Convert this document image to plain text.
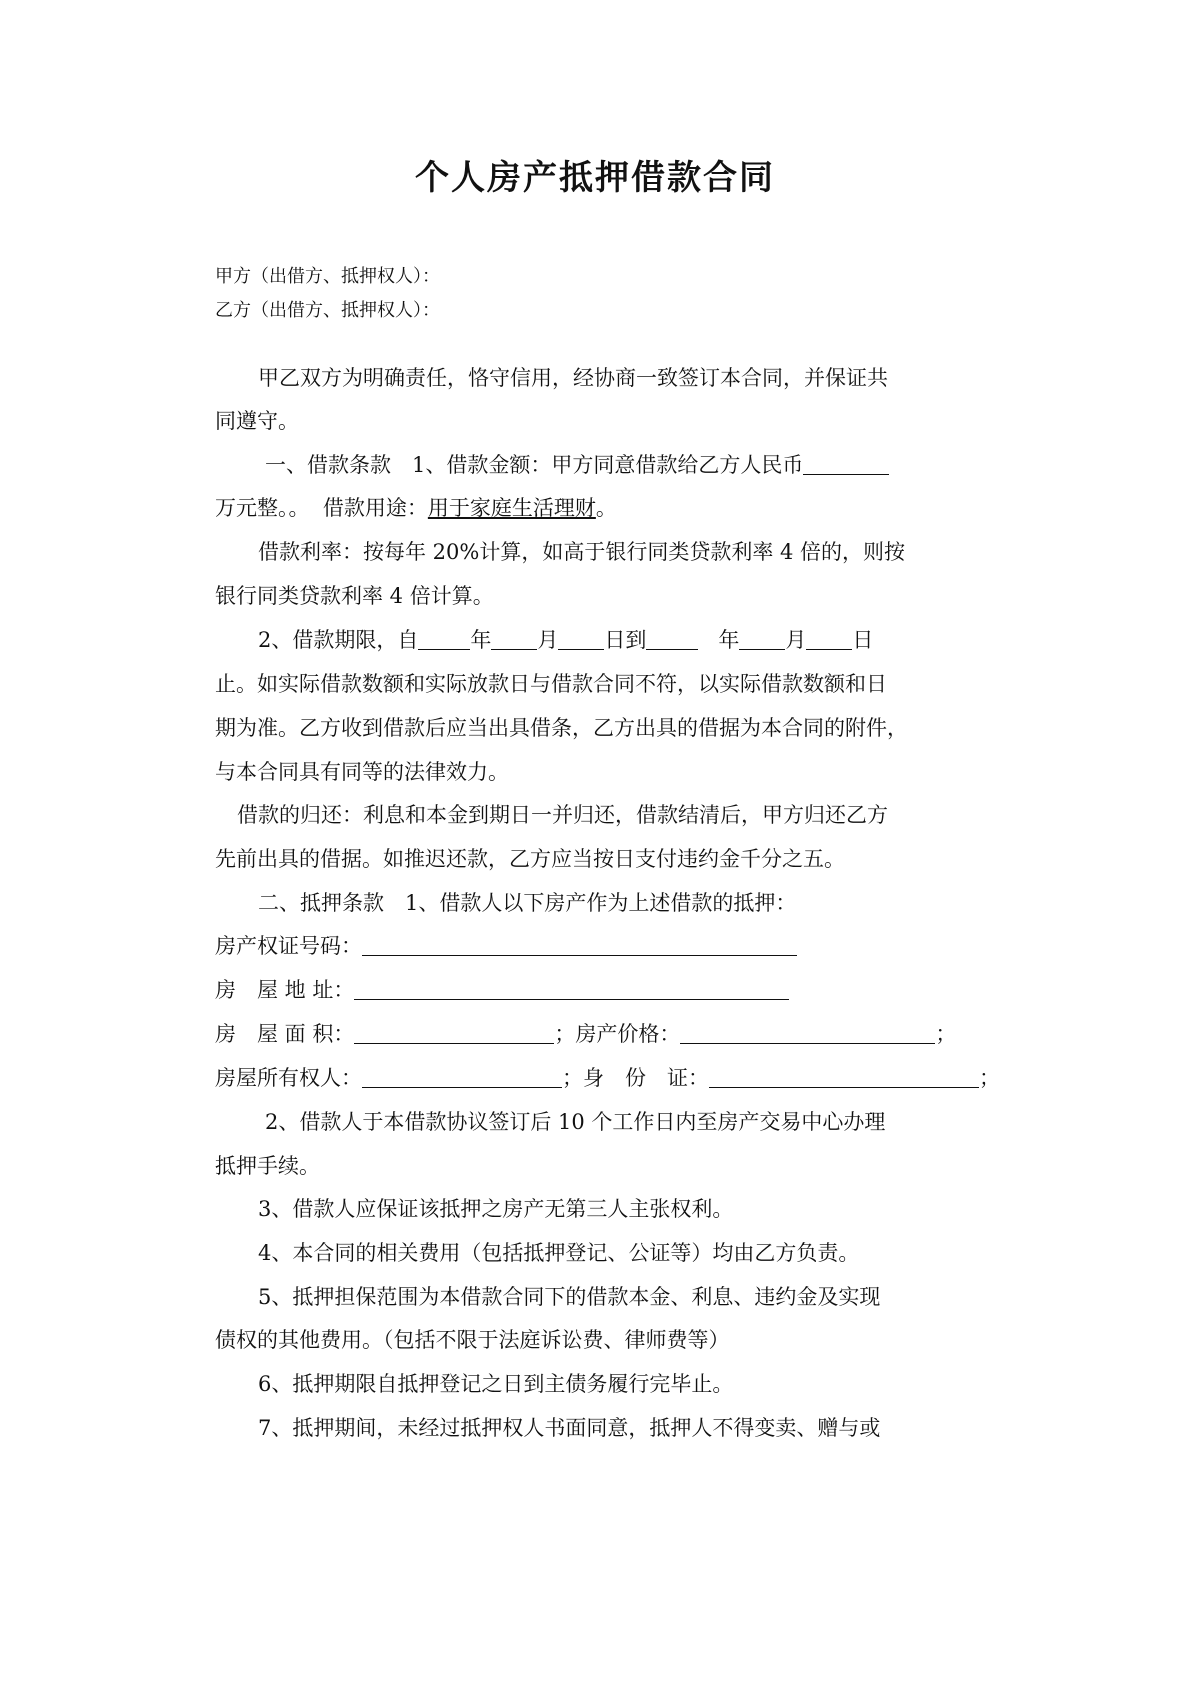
个人房产抵押借款合同
甲方（出借方、抵押权人）：
乙方（出借方、抵押权人）：
甲乙双方为明确责任，恪守信用，经协商一致签订本合同，并保证共
同遵守。
一、借款条款　1、借款金额：甲方同意借款给乙方人民币
万元整。。 借款用途：用于家庭生活理财。
借款利率：按每年 20%计算，如高于银行同类贷款利率 4 倍的，则按
银行同类贷款利率 4 倍计算。
2、借款期限，自 年 月 日到	年 月 日
止。如实际借款数额和实际放款日与借款合同不符，以实际借款数额和日
期为准。乙方收到借款后应当出具借条，乙方出具的借据为本合同的附件，
与本合同具有同等的法律效力。
借款的归还：利息和本金到期日一并归还，借款结清后，甲方归还乙方
先前出具的借据。如推迟还款，乙方应当按日支付违约金千分之五。
二、抵押条款　1、借款人以下房产作为上述借款的抵押：
房产权证号码：
房　屋 地 址：
房　屋 面 积：	；房产价格：	；
房屋所有权人：	；身　份　证：	；
2、借款人于本借款协议签订后 10 个工作日内至房产交易中心办理
抵押手续。
3、借款人应保证该抵押之房产无第三人主张权利。
4、本合同的相关费用（包括抵押登记、公证等）均由乙方负责。
5、抵押担保范围为本借款合同下的借款本金、利息、违约金及实现
债权的其他费用。（包括不限于法庭诉讼费、律师费等）
6、抵押期限自抵押登记之日到主债务履行完毕止。
7、抵押期间，未经过抵押权人书面同意，抵押人不得变卖、赠与或
